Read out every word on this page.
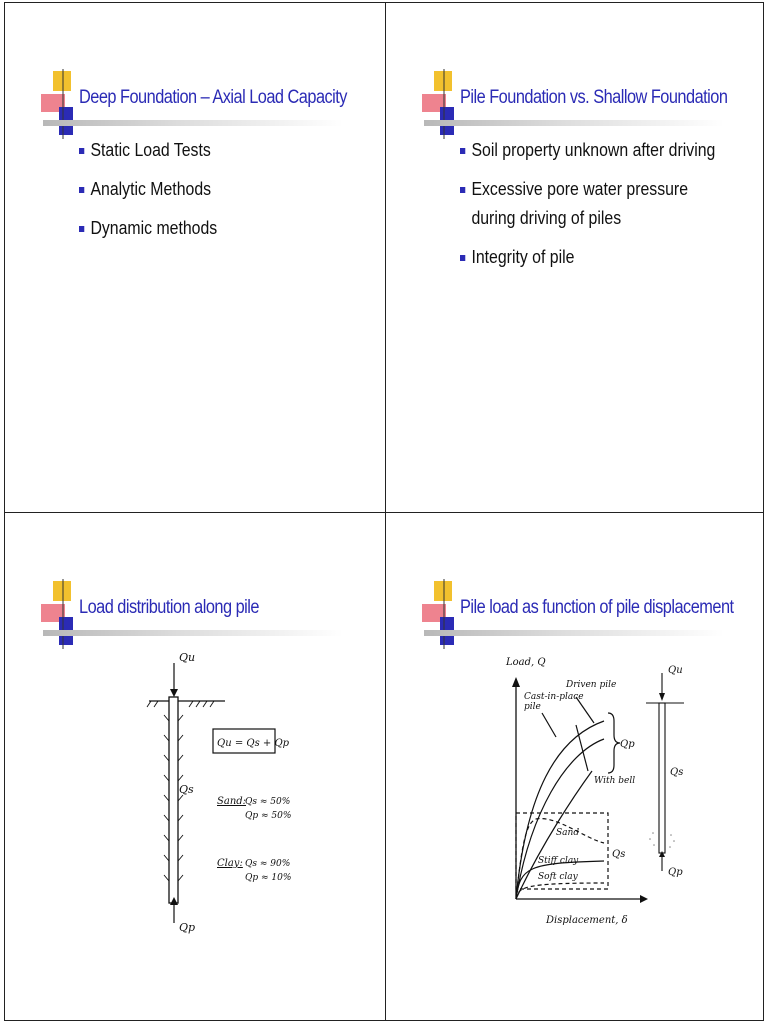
Deep Foundation – Axial Load Capacity
Static Load Tests
Analytic Methods
Dynamic methods
Pile Foundation vs. Shallow Foundation
Soil property unknown after driving
Excessive pore water pressure during driving of piles
Integrity of pile
Load distribution along pile
Qu
Qp
Qs
Qu = Qs + Qp
Sand:
Qs ≈ 50%
Qp ≈ 50%
Clay: Qs ≈ 90%
Qp ≈ 10%
Pile load as function of pile displacement
Load, Q
Displacement, δ
Driven pile
Cast-in-place
pile
With bell
Sand
Stiff clay
Soft clay
Qp
Qs
Qu
Qs
Qp
